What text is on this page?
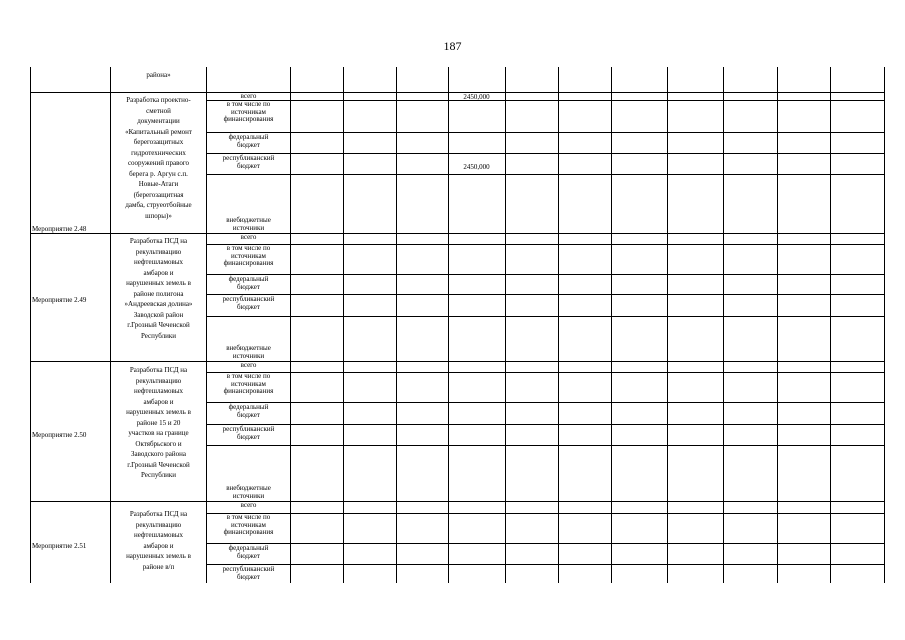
187
района»
Мероприятие 2.48
Разработка проектно-
сметной
документации
«Капитальный ремонт
берегозащитных
гидротехнических
сооружений правого
берега р. Аргун с.п.
Новые-Атаги
(берегозащитная
дамба, струеотбойные
шпоры)»
всего
в том числе по
источникам
финансирования
федеральный
бюджет
республиканский
бюджет
внебюджетные
источники
2450,000
2450,000
Мероприятие 2.49
Разработка ПСД на
рекультивацию
нефтешламовых
амбаров и
нарушенных земель в
районе полигона
»Андреевская долина»
Заводской район
г.Грозный Чеченской
Республики
всего
в том числе по
источникам
финансирования
федеральный
бюджет
республиканский
бюджет
внебюджетные
источники
Мероприятие 2.50
Разработка ПСД на
рекультивацию
нефтешламовых
амбаров и
нарушенных земель в
районе 15 и 20
участков на границе
Октябрьского и
Заводского района
г.Грозный Чеченской
Республики
всего
в том числе по
источникам
финансирования
федеральный
бюджет
республиканский
бюджет
внебюджетные
источники
Мероприятие 2.51
Разработка ПСД на
рекультивацию
нефтешламовых
амбаров и
нарушенных земель в
районе в/п
всего
в том числе по
источникам
финансирования
федеральный
бюджет
республиканский
бюджет
